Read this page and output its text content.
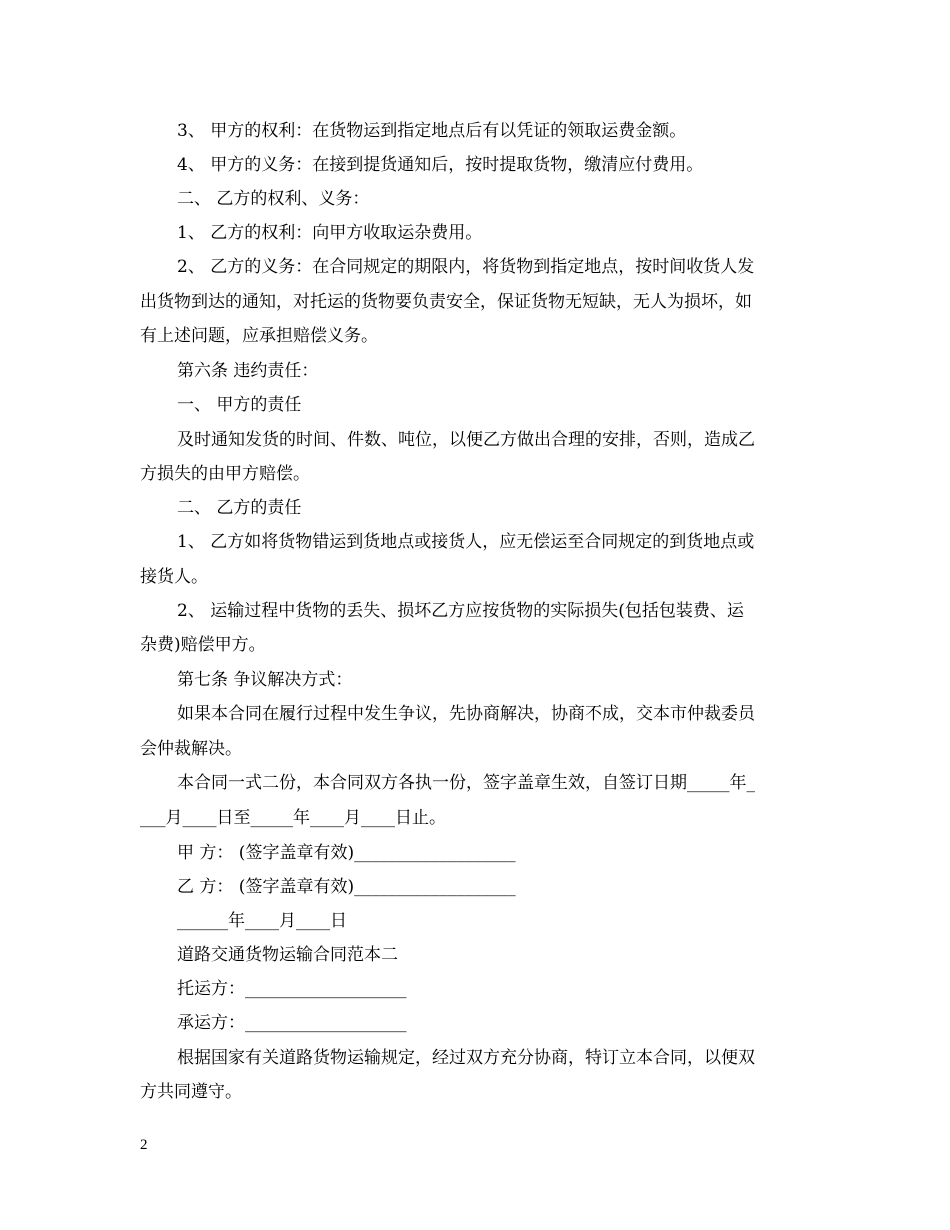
3、 甲方的权利：在货物运到指定地点后有以凭证的领取运费金额。
4、 甲方的义务：在接到提货通知后，按时提取货物，缴清应付费用。
二、 乙方的权利、义务：
1、 乙方的权利：向甲方收取运杂费用。
2、 乙方的义务：在合同规定的期限内，将货物到指定地点，按时间收货人发
出货物到达的通知，对托运的货物要负责安全，保证货物无短缺，无人为损坏，如
有上述问题，应承担赔偿义务。
第六条 违约责任：
一、 甲方的责任
及时通知发货的时间、件数、吨位，以便乙方做出合理的安排，否则，造成乙
方损失的由甲方赔偿。
二、 乙方的责任
1、 乙方如将货物错运到货地点或接货人，应无偿运至合同规定的到货地点或
接货人。
2、 运输过程中货物的丢失、损坏乙方应按货物的实际损失(包括包装费、运
杂费)赔偿甲方。
第七条 争议解决方式：
如果本合同在履行过程中发生争议，先协商解决，协商不成，交本市仲裁委员
会仲裁解决。
本合同一式二份，本合同双方各执一份，签字盖章生效，自签订日期_____年_
___月____日至_____年____月____日止。
甲 方： (签字盖章有效)___________________
乙 方： (签字盖章有效)___________________
______年____月____日
道路交通货物运输合同范本二
托运方：___________________
承运方：___________________
根据国家有关道路货物运输规定，经过双方充分协商，特订立本合同，以便双
方共同遵守。
2
